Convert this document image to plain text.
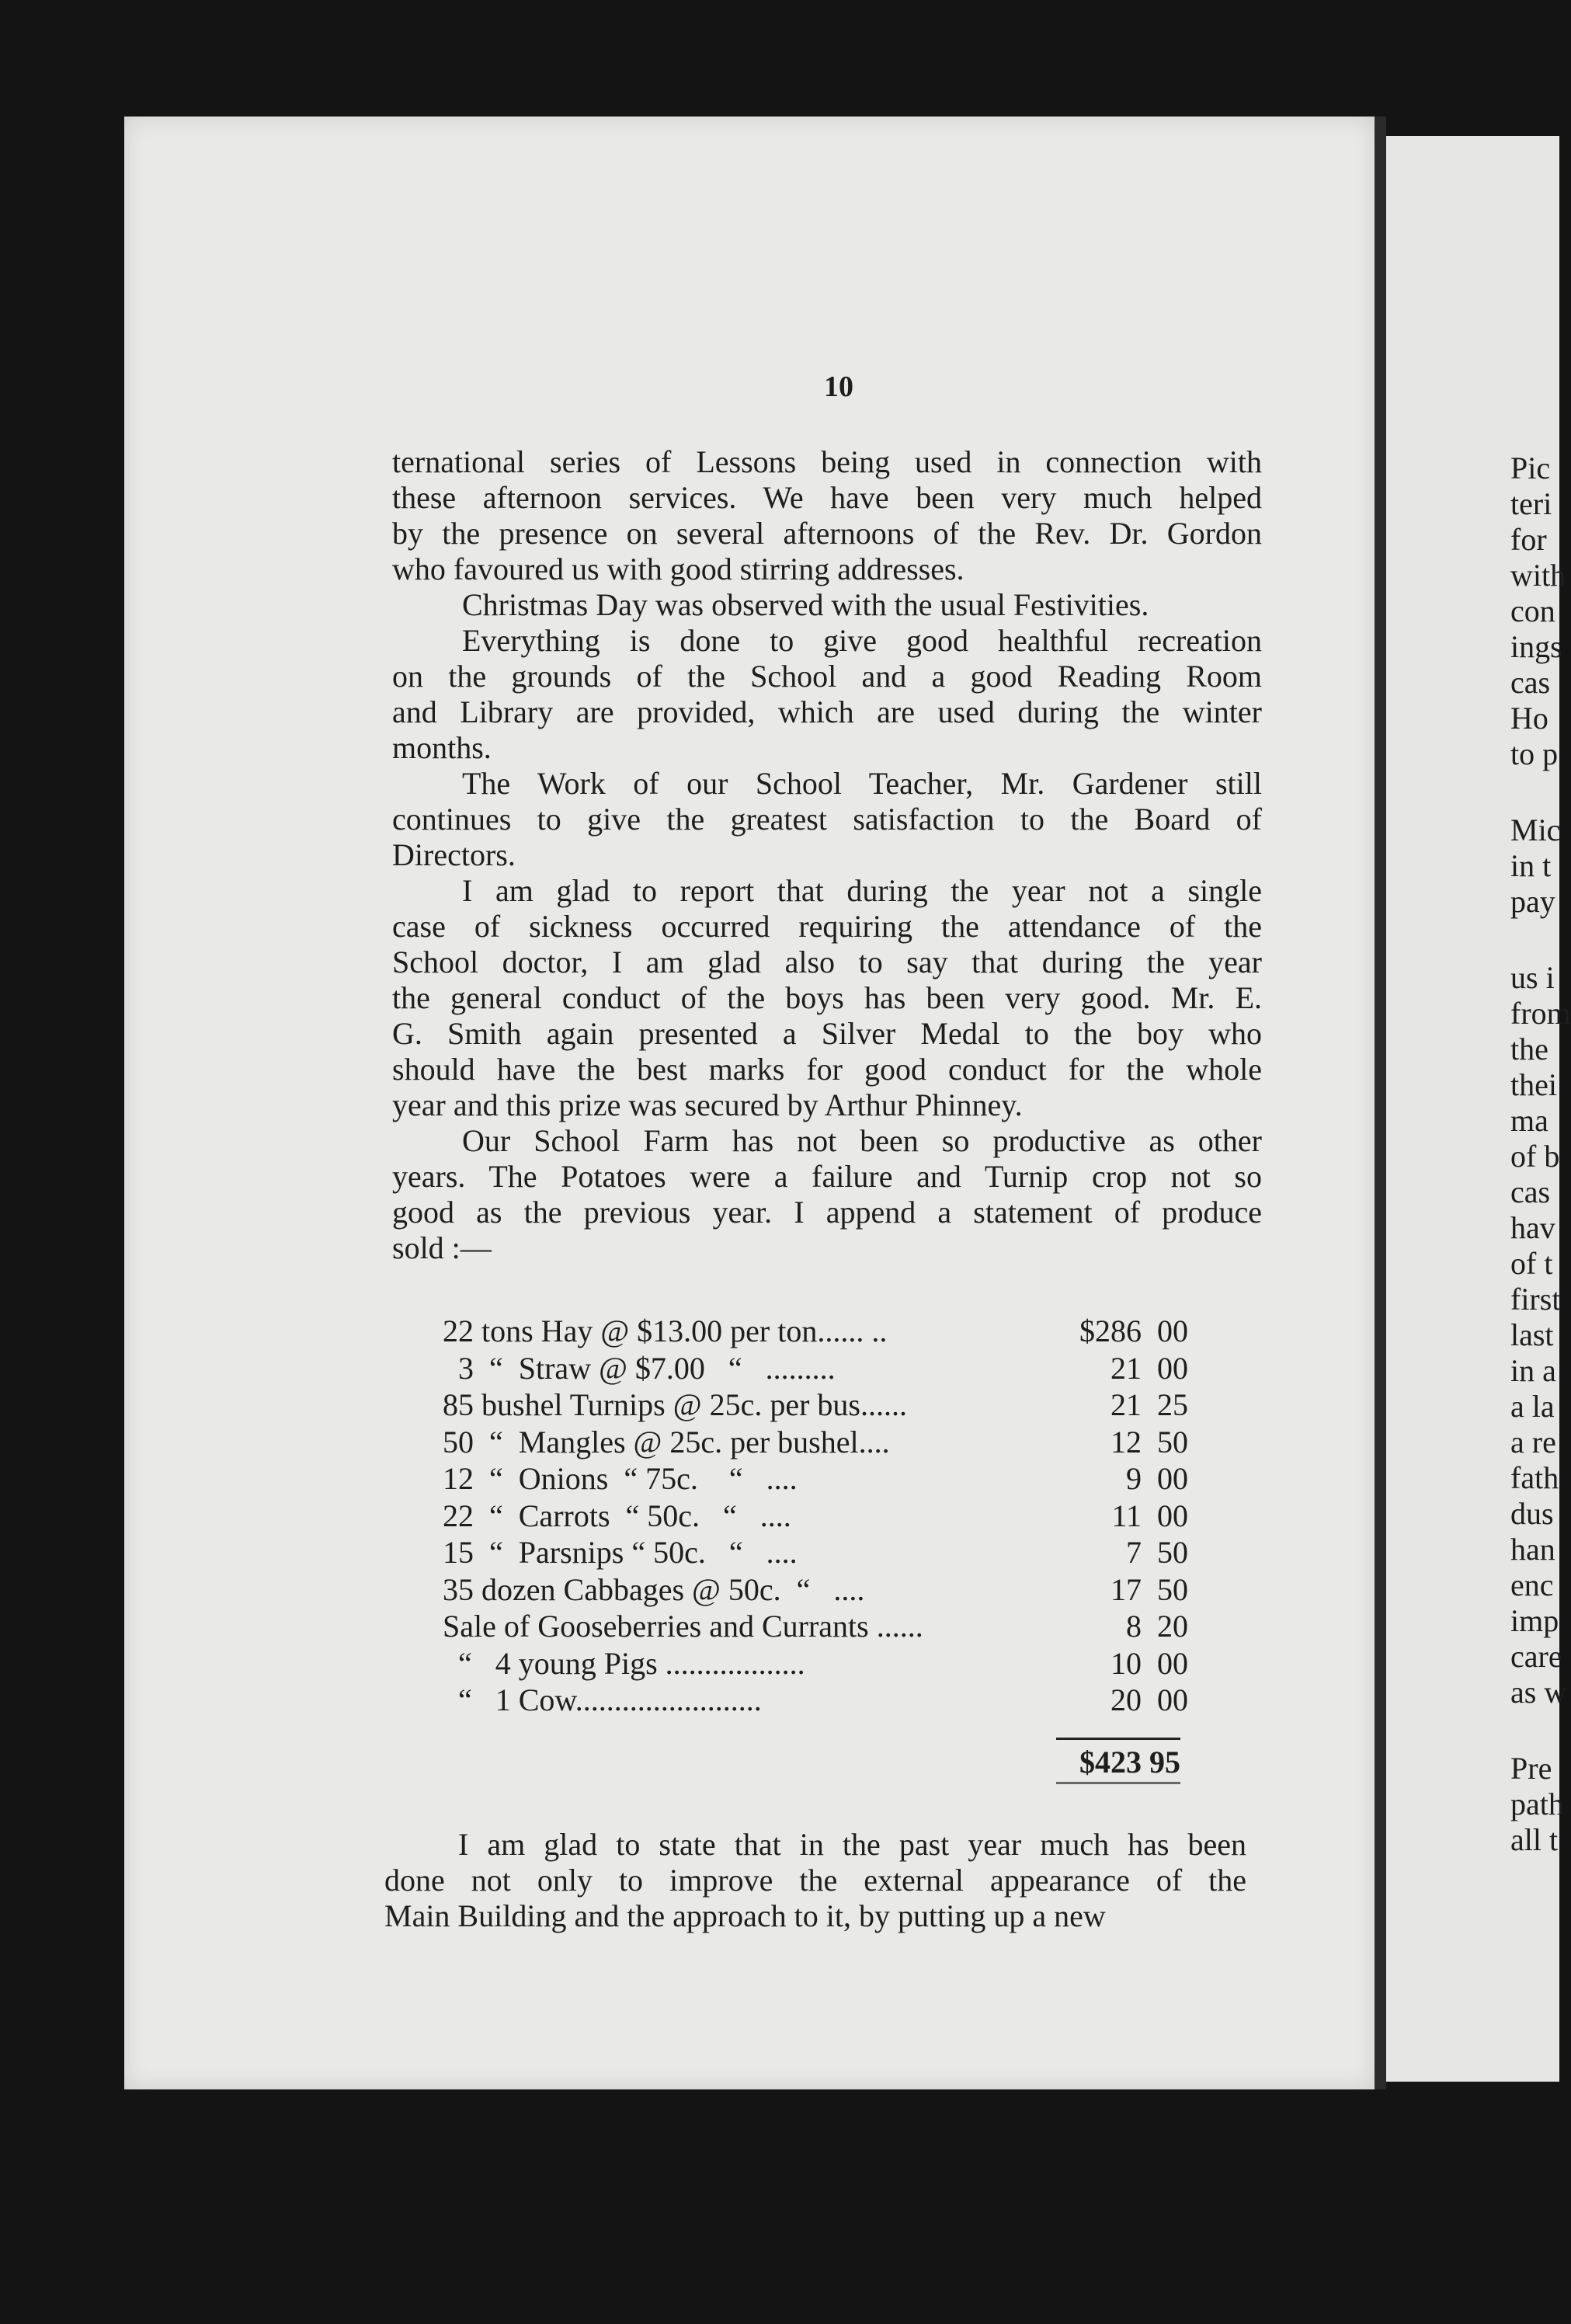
10

ternational series of Lessons being used in connection with
these afternoon services. We have been very much helped
by the presence on several afternoons of the Rev. Dr. Gordon
who favoured us with good stirring addresses.

Christmas Day was observed with the usual Festivities.

Everything is done to give good healthful recreation
on the grounds of the School and a good Reading Room
and Library are provided, which are used during the winter
months.

The Work of our School Teacher, Mr. Gardener still
continues to give the greatest satisfaction to the Board of
Directors.

I am glad to report that during the year not a single
case of sickness occurred requiring the attendance of the
School doctor, I am glad also to say that during the year
the general conduct of the boys has been very good. Mr. E.
G. Smith again presented a Silver Medal to the boy who
should have the best marks for good conduct for the whole
year and this prize was secured by Arthur Phinney.

Our School Farm has not been so productive as other
years. The Potatoes were a failure and Turnip crop not so
good as the previous year. I append a statement of produce
sold :—

22 tons Hay @ $13.00 per ton...... ..	$286 00
3  “  Straw @ $7.00   “   .........	21 00
85 bushel Turnips @ 25c. per bus......	21 25
50  “  Mangles @ 25c. per bushel....	12 50
12  “  Onions  “ 75c.    “   ....	9 00
22  “  Carrots  “ 50c.   “   ....	11 00
15  “  Parsnips “ 50c.   “   ....	7 50
35 dozen Cabbages @ 50c.  “   ....	17 50
Sale of Gooseberries and Currants ......	8 20
“   4 young Pigs ..................	10 00
“   1 Cow........................	20 00
$423 95
I am glad to state that in the past year much has been
done not only to improve the external appearance of the
Main Building and the approach to it, by putting up a new
Pic
teri
for
with
con
ings
cas
Ho
to p
Mic
in t
pay
us i
from
the
thei
ma
of b
cas
hav
of t
first
last
in a
a la
a re
fath
dus
han
enc
imp
care
as w
Pre
path
all t
